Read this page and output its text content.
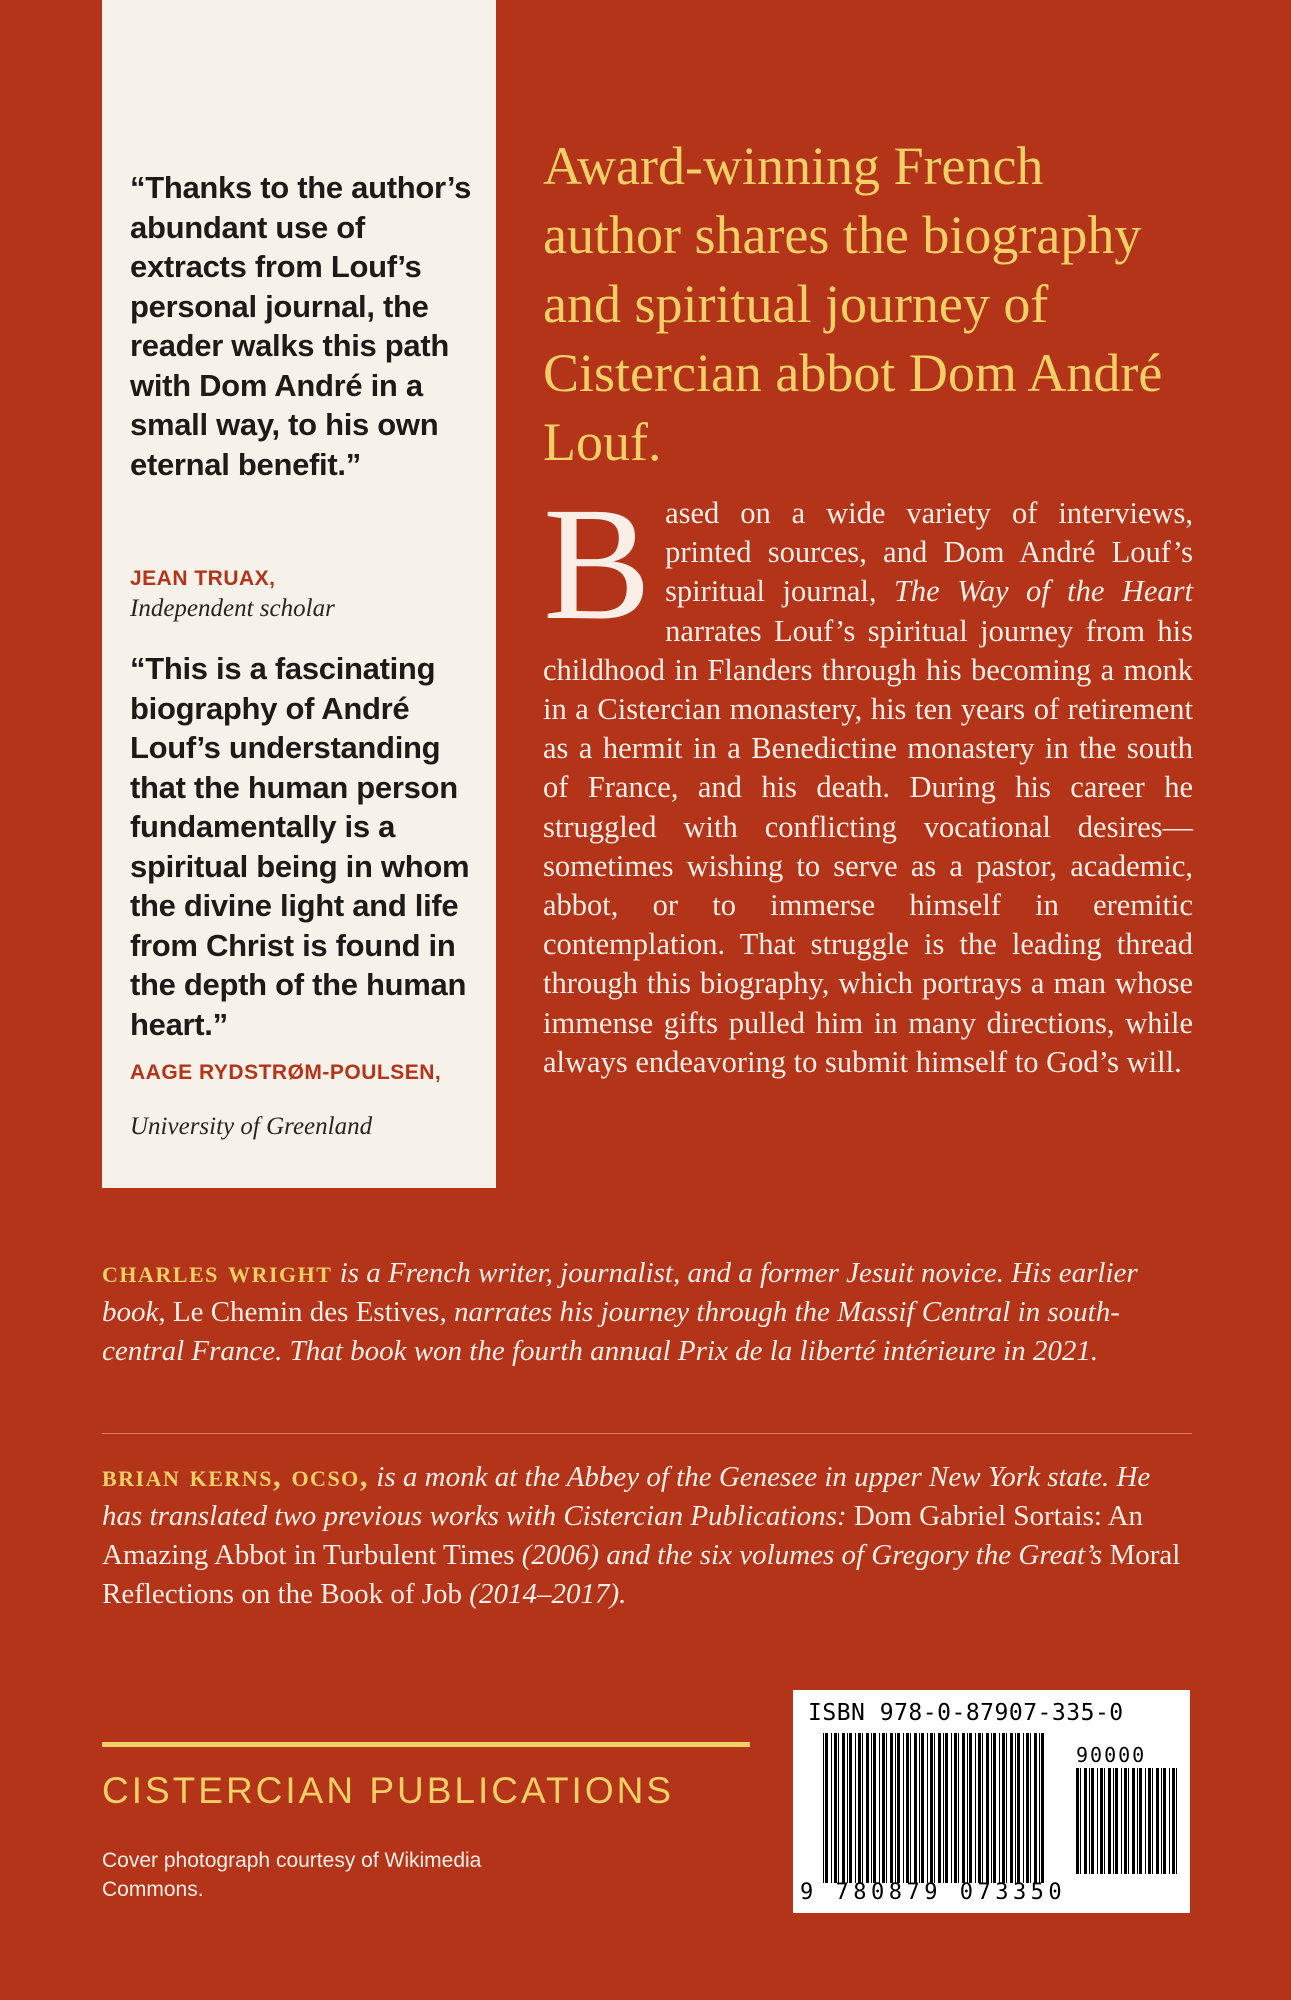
“Thanks to the author’s abundant use of extracts from Louf’s personal journal, the reader walks this path with Dom André in a small way, to his own eternal benefit.”
JEAN TRUAX,
Independent scholar
“This is a fascinating biography of André Louf’s understanding that the human person fundamentally is a spiritual being in whom the divine light and life from Christ is found in the depth of the human heart.”
AAGE RYDSTRØM-POULSEN,
University of Greenland
Award-winning French author shares the biography and spiritual journey of Cistercian abbot Dom André Louf.
Based on a wide variety of interviews, printed sources, and Dom André Louf’s spiritual journal, The Way of the Heart narrates Louf’s spiritual journey from his childhood in Flanders through his becoming a monk in a Cistercian monastery, his ten years of retirement as a hermit in a Benedictine monastery in the south of France, and his death. During his career he struggled with conflicting vocational desires—sometimes wishing to serve as a pastor, academic, abbot, or to immerse himself in eremitic contemplation. That struggle is the leading thread through this biography, which portrays a man whose immense gifts pulled him in many directions, while always endeavoring to submit himself to God’s will.
charles wright is a French writer, journalist, and a former Jesuit novice. His earlier book, Le Chemin des Estives, narrates his journey through the Massif Central in south-central France. That book won the fourth annual Prix de la liberté intérieure in 2021.
brian kerns, ocso, is a monk at the Abbey of the Genesee in upper New York state. He has translated two previous works with Cistercian Publications: Dom Gabriel Sortais: An Amazing Abbot in Turbulent Times (2006) and the six volumes of Gregory the Great’s Moral Reflections on the Book of Job (2014–2017).
CISTERCIAN PUBLICATIONS
Cover photograph courtesy of Wikimedia Commons.
ISBN 978-0-87907-335-0
90000
9 780879 073350
